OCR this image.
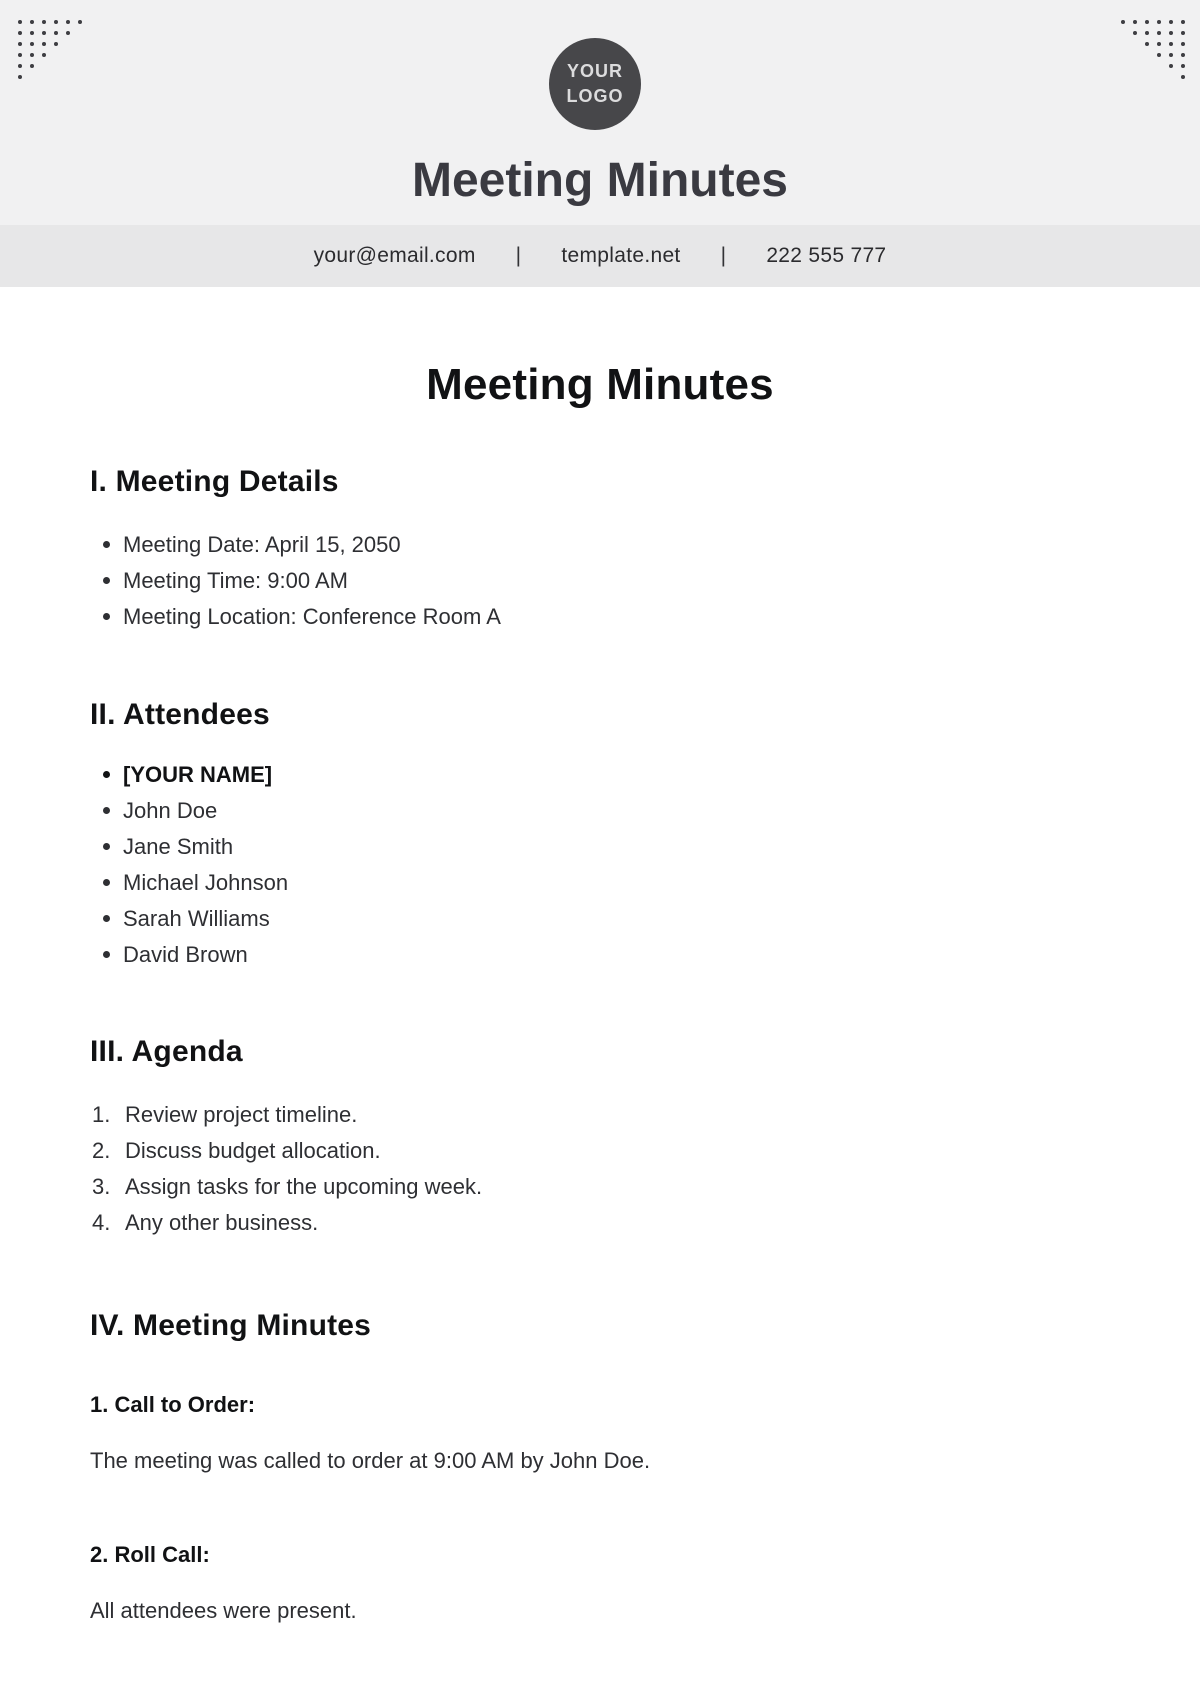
YOUR
LOGO
Meeting Minutes
your@email.com | template.net | 222 555 777
Meeting Minutes
I. Meeting Details
Meeting Date: April 15, 2050
Meeting Time: 9:00 AM
Meeting Location: Conference Room A
II. Attendees
[YOUR NAME]
John Doe
Jane Smith
Michael Johnson
Sarah Williams
David Brown
III. Agenda
1. Review project timeline.
2. Discuss budget allocation.
3. Assign tasks for the upcoming week.
4. Any other business.
IV. Meeting Minutes
1. Call to Order:

The meeting was called to order at 9:00 AM by John Doe.

2. Roll Call:

All attendees were present.
